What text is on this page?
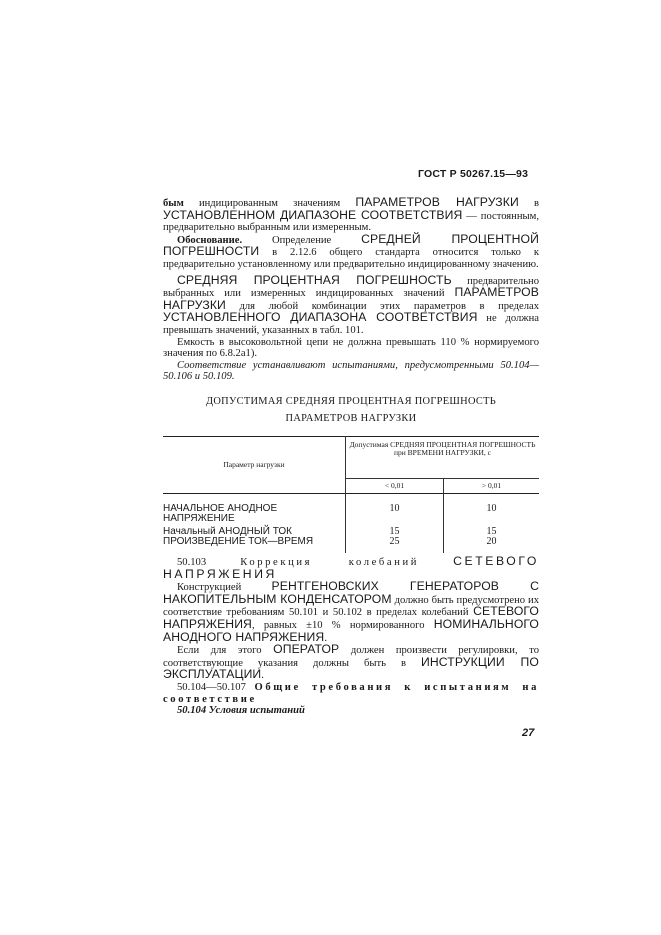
ГОСТ Р 50267.15—93

бым индицированным значениям ПАРАМЕТРОВ НАГРУЗКИ в УСТАНОВЛЕННОМ ДИАПАЗОНЕ СООТВЕТСТВИЯ — постоянным, предварительно выбранным или измеренным.

Обоснование. Определение СРЕДНЕЙ ПРОЦЕНТНОЙ ПОГРЕШНОСТИ в 2.12.6 общего стандарта относится только к предварительно установленному или предварительно индицированному значению.

СРЕДНЯЯ ПРОЦЕНТНАЯ ПОГРЕШНОСТЬ предварительно выбранных или измеренных индицированных значений ПАРАМЕТРОВ НАГРУЗКИ для любой комбинации этих параметров в пределах УСТАНОВЛЕННОГО ДИАПАЗОНА СООТВЕТСТВИЯ не должна превышать значений, указанных в табл. 101.

Емкость в высоковольтной цепи не должна превышать 110 % нормируемого значения по 6.8.2а1).

Соответствие устанавливают испытаниями, предусмотренными 50.104—50.106 и 50.109.

ДОПУСТИМАЯ СРЕДНЯЯ ПРОЦЕНТНАЯ ПОГРЕШНОСТЬ
ПАРАМЕТРОВ НАГРУЗКИ
Параметр нагрузки	Допустимая СРЕДНЯЯ ПРОЦЕНТНАЯ ПОГРЕШНОСТЬ при ВРЕМЕНИ НАГРУЗКИ, с	
	< 0,01	> 0,01
НАЧАЛЬНОЕ АНОДНОЕ НАПРЯЖЕНИЕ	10	10
Начальный АНОДНЫЙ ТОК	15	15
ПРОИЗВЕДЕНИЕ ТОК—ВРЕМЯ	25	20

50.103	Коррекция колебаний	СЕТЕВОГО НАПРЯЖЕНИЯ

Конструкцией РЕНТГЕНОВСКИХ ГЕНЕРАТОРОВ С НАКОПИТЕЛЬНЫМ КОНДЕНСАТОРОМ должно быть предусмотрено их соответствие требованиям 50.101 и 50.102 в пределах колебаний СЕТЕВОГО НАПРЯЖЕНИЯ, равных ±10 % нормированного НОМИНАЛЬНОГО АНОДНОГО НАПРЯЖЕНИЯ.

Если для этого ОПЕРАТОР должен произвести регулировки, то соответствующие указания должны быть в ИНСТРУКЦИИ ПО ЭКСПЛУАТАЦИИ.

50.104—50.107 Общие требования к испытаниям на соответствие

50.104 Условия испытаний

27
